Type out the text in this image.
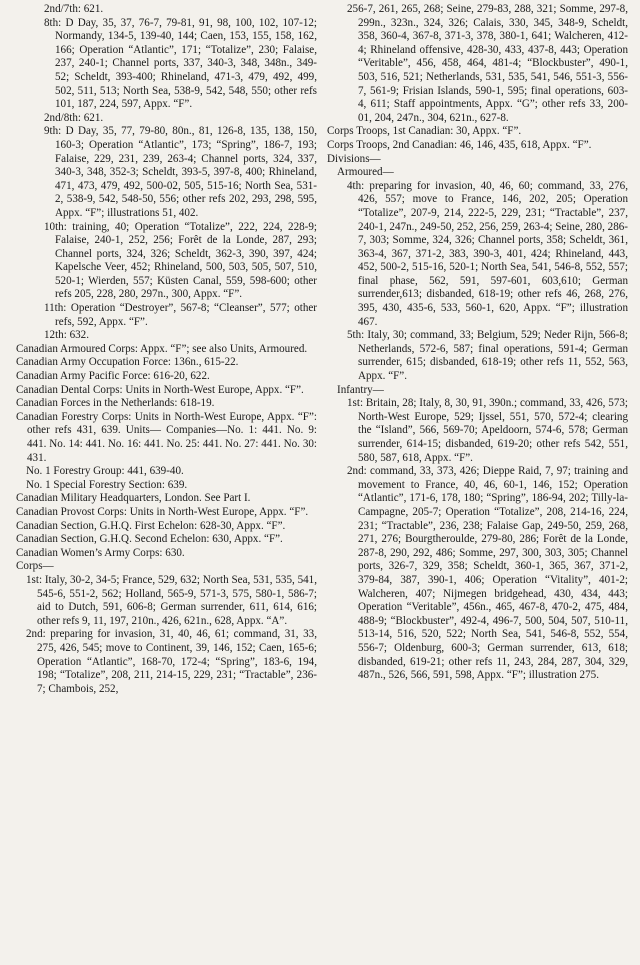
2nd/7th: 621.

8th: D Day, 35, 37, 76-7, 79-81, 91, 98, 100, 102, 107-12; Normandy, 134-5, 139-40, 144; Caen, 153, 155, 158, 162, 166; Operation “Atlantic”, 171; “Totalize”, 230; Falaise, 237, 240-1; Channel ports, 337, 340-3, 348, 348n., 349-52; Scheldt, 393-400; Rhineland, 471-3, 479, 492, 499, 502, 511, 513; North Sea, 538-9, 542, 548, 550; other refs 101, 187, 224, 597, Appx. “F”.

2nd/8th: 621.

9th: D Day, 35, 77, 79-80, 80n., 81, 126-8, 135, 138, 150, 160-3; Operation “Atlantic”, 173; “Spring”, 186-7, 193; Falaise, 229, 231, 239, 263-4; Channel ports, 324, 337, 340-3, 348, 352-3; Scheldt, 393-5, 397-8, 400; Rhineland, 471, 473, 479, 492, 500-02, 505, 515-16; North Sea, 531-2, 538-9, 542, 548-50, 556; other refs 202, 293, 298, 595, Appx. “F”; illustrations 51, 402.

10th: training, 40; Operation “Totalize”, 222, 224, 228-9; Falaise, 240-1, 252, 256; Forêt de la Londe, 287, 293; Channel ports, 324, 326; Scheldt, 362-3, 390, 397, 424; Kapelsche Veer, 452; Rhineland, 500, 503, 505, 507, 510, 520-1; Wierden, 557; Küsten Canal, 559, 598-600; other refs 205, 228, 280, 297n., 300, Appx. “F”.

11th: Operation “Destroyer”, 567-8; “Cleanser”, 577; other refs, 592, Appx. “F”.

12th: 632.

Canadian Armoured Corps: Appx. “F”; see also Units, Armoured.

Canadian Army Occupation Force: 136n., 615-22.

Canadian Army Pacific Force: 616-20, 622.

Canadian Dental Corps: Units in North-West Europe, Appx. “F”.

Canadian Forces in the Netherlands: 618-19.

Canadian Forestry Corps: Units in North-West Europe, Appx. “F”: other refs 431, 639. Units— Companies—No. 1: 441. No. 9: 441. No. 14: 441. No. 16: 441. No. 25: 441. No. 27: 441. No. 30: 431.

No. 1 Forestry Group: 441, 639-40.

No. 1 Special Forestry Section: 639.

Canadian Military Headquarters, London. See Part I.

Canadian Provost Corps: Units in North-West Europe, Appx. “F”.

Canadian Section, G.H.Q. First Echelon: 628-30, Appx. “F”.

Canadian Section, G.H.Q. Second Echelon: 630, Appx. “F”.

Canadian Women’s Army Corps: 630.

Corps—

1st: Italy, 30-2, 34-5; France, 529, 632; North Sea, 531, 535, 541, 545-6, 551-2, 562; Holland, 565-9, 571-3, 575, 580-1, 586-7; aid to Dutch, 591, 606-8; German surrender, 611, 614, 616; other refs 9, 11, 197, 210n., 426, 621n., 628, Appx. “A”.

2nd: preparing for invasion, 31, 40, 46, 61; command, 31, 33, 275, 426, 545; move to Continent, 39, 146, 152; Caen, 165-6; Operation “Atlantic”, 168-70, 172-4; “Spring”, 183-6, 194, 198; “Totalize”, 208, 211, 214-15, 229, 231; “Tractable”, 236-7; Chambois, 252,

256-7, 261, 265, 268; Seine, 279-83, 288, 321; Somme, 297-8, 299n., 323n., 324, 326; Calais, 330, 345, 348-9, Scheldt, 358, 360-4, 367-8, 371-3, 378, 380-1, 641; Walcheren, 412-4; Rhineland offensive, 428-30, 433, 437-8, 443; Operation “Veritable”, 456, 458, 464, 481-4; “Blockbuster”, 490-1, 503, 516, 521; Netherlands, 531, 535, 541, 546, 551-3, 556-7, 561-9; Frisian Islands, 590-1, 595; final operations, 603-4, 611; Staff appointments, Appx. “G”; other refs 33, 200-01, 204, 247n., 304, 621n., 627-8.

Corps Troops, 1st Canadian: 30, Appx. “F”.

Corps Troops, 2nd Canadian: 46, 146, 435, 618, Appx. “F”.

Divisions—

Armoured—

4th: preparing for invasion, 40, 46, 60; command, 33, 276, 426, 557; move to France, 146, 202, 205; Operation “Totalize”, 207-9, 214, 222-5, 229, 231; “Tractable”, 237, 240-1, 247n., 249-50, 252, 256, 259, 263-4; Seine, 280, 286-7, 303; Somme, 324, 326; Channel ports, 358; Scheldt, 361, 363-4, 367, 371-2, 383, 390-3, 401, 424; Rhineland, 443, 452, 500-2, 515-16, 520-1; North Sea, 541, 546-8, 552, 557; final phase, 562, 591, 597-601, 603,610; German surrender,613; disbanded, 618-19; other refs 46, 268, 276, 395, 430, 435-6, 533, 560-1, 620, Appx. “F”; illustration 467.

5th: Italy, 30; command, 33; Belgium, 529; Neder Rijn, 566-8; Netherlands, 572-6, 587; final operations, 591-4; German surrender, 615; disbanded, 618-19; other refs 11, 552, 563, Appx. “F”.

Infantry—

1st: Britain, 28; Italy, 8, 30, 91, 390n.; command, 33, 426, 573; North-West Europe, 529; Ijssel, 551, 570, 572-4; clearing the “Island”, 566, 569-70; Apeldoorn, 574-6, 578; German surrender, 614-15; disbanded, 619-20; other refs 542, 551, 580, 587, 618, Appx. “F”.

2nd: command, 33, 373, 426; Dieppe Raid, 7, 97; training and movement to France, 40, 46, 60-1, 146, 152; Operation “Atlantic”, 171-6, 178, 180; “Spring”, 186-94, 202; Tilly-la-Campagne, 205-7; Operation “Totalize”, 208, 214-16, 224, 231; “Tractable”, 236, 238; Falaise Gap, 249-50, 259, 268, 271, 276; Bourgtheroulde, 279-80, 286; Forêt de la Londe, 287-8, 290, 292, 486; Somme, 297, 300, 303, 305; Channel ports, 326-7, 329, 358; Scheldt, 360-1, 365, 367, 371-2, 379-84, 387, 390-1, 406; Operation “Vitality”, 401-2; Walcheren, 407; Nijmegen bridgehead, 430, 434, 443; Operation “Veritable”, 456n., 465, 467-8, 470-2, 475, 484, 488-9; “Blockbuster”, 492-4, 496-7, 500, 504, 507, 510-11, 513-14, 516, 520, 522; North Sea, 541, 546-8, 552, 554, 556-7; Oldenburg, 600-3; German surrender, 613, 618; disbanded, 619-21; other refs 11, 243, 284, 287, 304, 329, 487n., 526, 566, 591, 598, Appx. “F”; illustration 275.
